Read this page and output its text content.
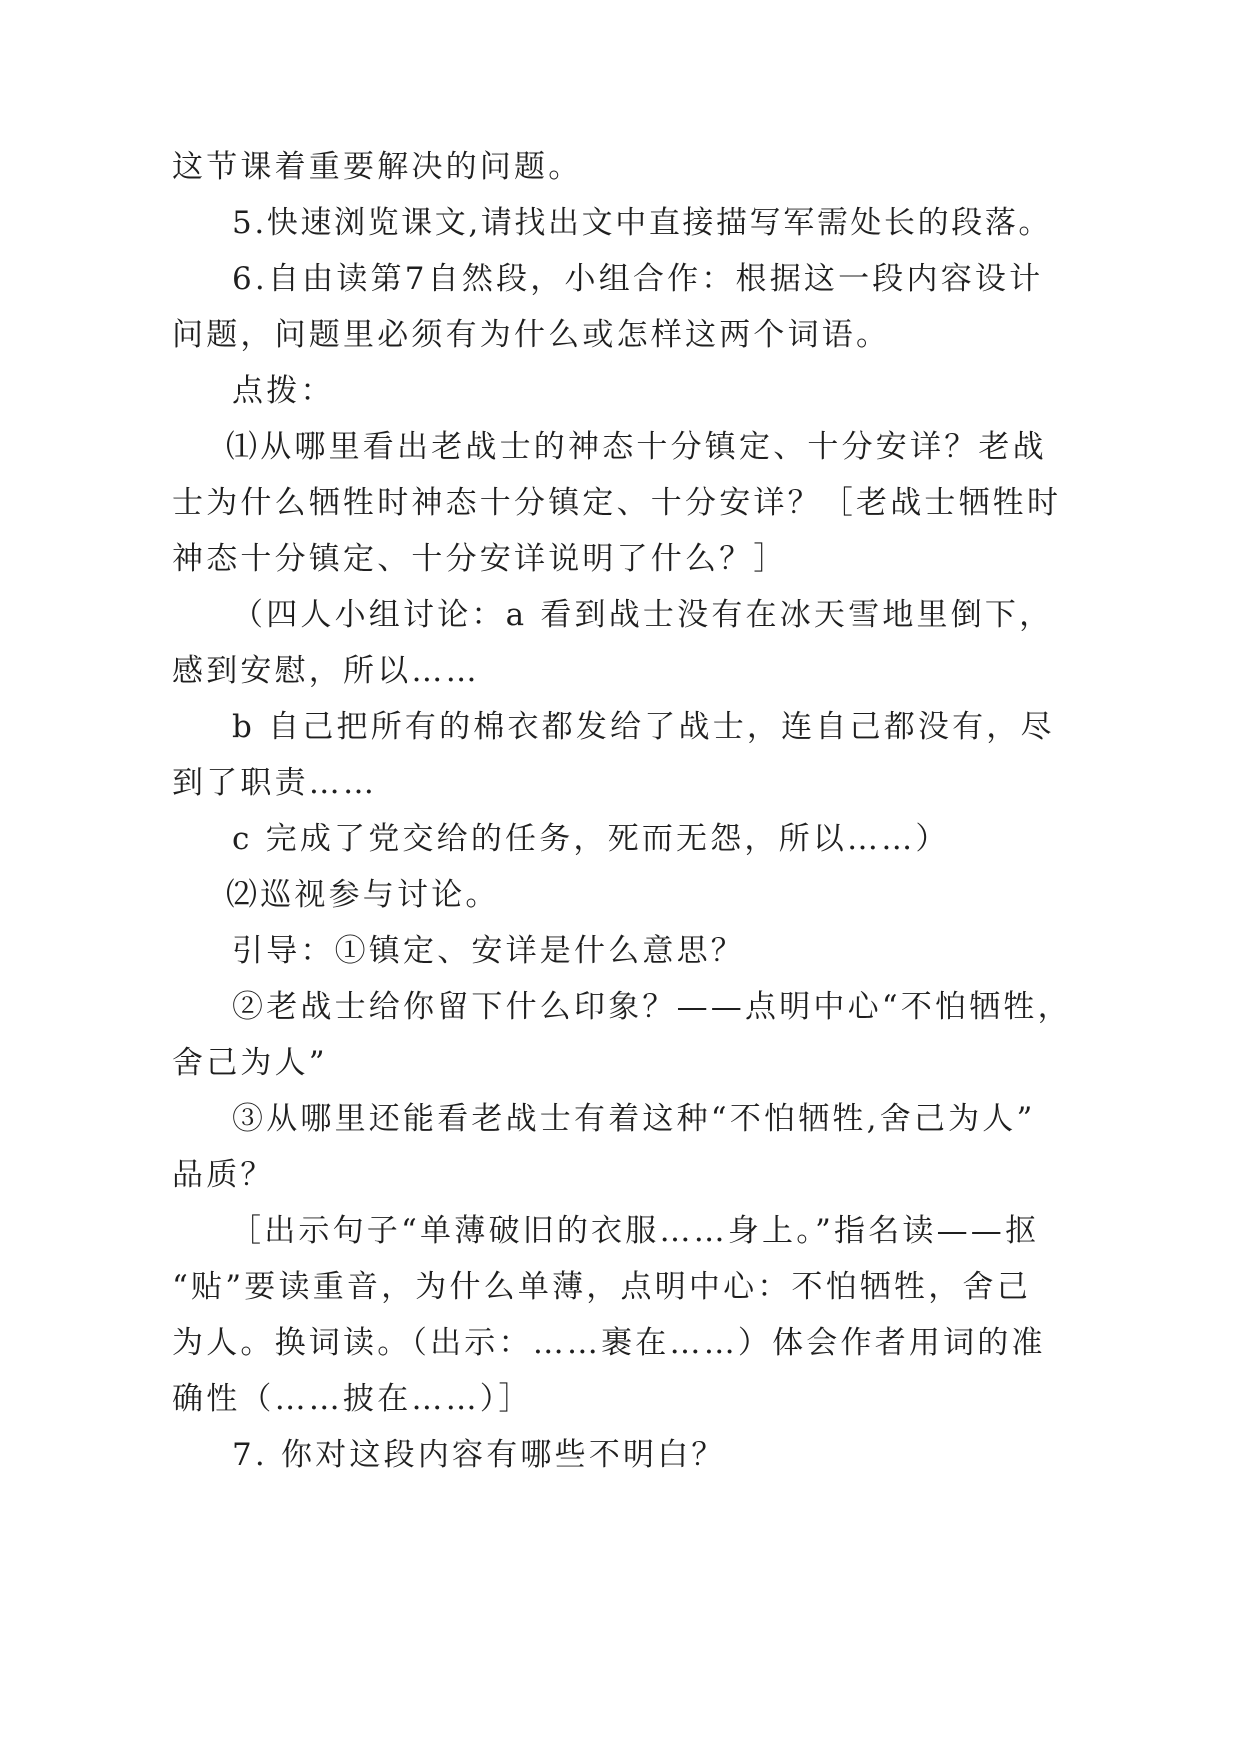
这节课着重要解决的问题。
5.快速浏览课文,请找出文中直接描写军需处长的段落。
6.自由读第7自然段，小组合作：根据这一段内容设计
问题，问题里必须有为什么或怎样这两个词语。
点拨：
⑴从哪里看出老战士的神态十分镇定、十分安详？老战
士为什么牺牲时神态十分镇定、十分安详？［老战士牺牲时
神态十分镇定、十分安详说明了什么？］
（四人小组讨论：a 看到战士没有在冰天雪地里倒下，
感到安慰，所以……
b 自己把所有的棉衣都发给了战士，连自己都没有，尽
到了职责……
c 完成了党交给的任务，死而无怨，所以……）
⑵巡视参与讨论。
引导：①镇定、安详是什么意思？
②老战士给你留下什么印象？——点明中心“不怕牺牲，
舍己为人”
③从哪里还能看老战士有着这种“不怕牺牲,舍己为人”
品质？
［出示句子“单薄破旧的衣服……身上。”指名读——抠
“贴”要读重音，为什么单薄，点明中心：不怕牺牲，舍己
为人。换词读。（出示：……裹在……）体会作者用词的准
确性（……披在……）］
7. 你对这段内容有哪些不明白？
